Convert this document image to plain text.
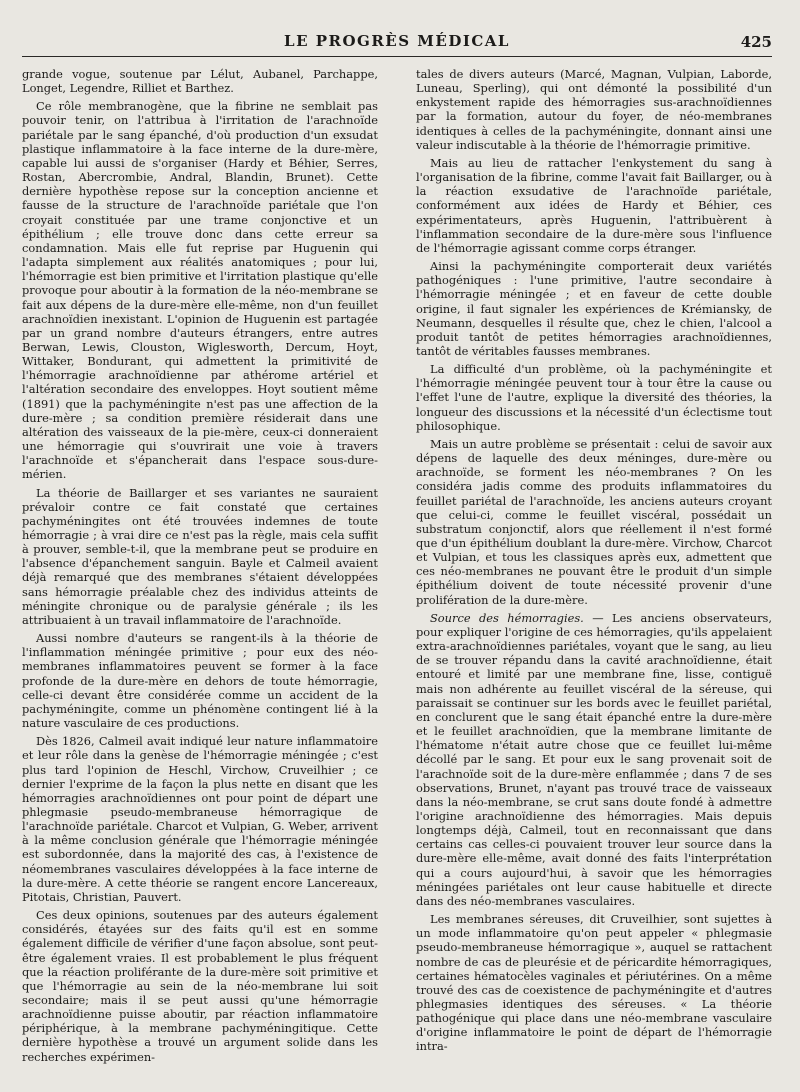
LE PROGRÈS MÉDICAL	425

grande vogue, soutenue par Lélut, Aubanel, Parchappe, Longet, Legendre, Rilliet et Barthez.

Ce rôle membranogène, que la fibrine ne semblait pas pouvoir tenir, on l'attribua à l'irritation de l'arachnoïde pariétale par le sang épanché, d'où production d'un exsudat plastique inflammatoire à la face interne de la dure-mère, capable lui aussi de s'organiser (Hardy et Béhier, Serres, Rostan, Abercrombie, Andral, Blandin, Brunet). Cette dernière hypothèse repose sur la conception ancienne et fausse de la structure de l'arachnoïde pariétale que l'on croyait constituée par une trame conjonctive et un épithélium ; elle trouve donc dans cette erreur sa condamnation. Mais elle fut reprise par Huguenin qui l'adapta simplement aux réalités anatomiques ; pour lui, l'hémorragie est bien primitive et l'irritation plastique qu'elle provoque pour aboutir à la formation de la néo-membrane se fait aux dépens de la dure-mère elle-même, non d'un feuillet arachnoïdien inexistant. L'opinion de Huguenin est partagée par un grand nombre d'auteurs étrangers, entre autres Berwan, Lewis, Clouston, Wiglesworth, Dercum, Hoyt, Wittaker, Bondurant, qui admettent la primitivité de l'hémorragie arachnoïdienne par athérome artériel et l'altération secondaire des enveloppes. Hoyt soutient même (1891) que la pachyméningite n'est pas une affection de la dure-mère ; sa condition première résiderait dans une altération des vaisseaux de la pie-mère, ceux-ci donneraient une hémorragie qui s'ouvrirait une voie à travers l'arachnoïde et s'épancherait dans l'espace sous-dure-mérien.

La théorie de Baillarger et ses variantes ne sauraient prévaloir contre ce fait constaté que certaines pachyméningites ont été trouvées indemnes de toute hémorragie ; à vrai dire ce n'est pas la règle, mais cela suffit à prouver, semble-t-il, que la membrane peut se produire en l'absence d'épanchement sanguin. Bayle et Calmeil avaient déjà remarqué que des membranes s'étaient développées sans hémorragie préalable chez des individus atteints de méningite chronique ou de paralysie générale ; ils les attribuaient à un travail inflammatoire de l'arachnoïde.

Aussi nombre d'auteurs se rangent-ils à la théorie de l'inflammation méningée primitive ; pour eux des néo-membranes inflammatoires peuvent se former à la face profonde de la dure-mère en dehors de toute hémorragie, celle-ci devant être considérée comme un accident de la pachyméningite, comme un phénomène contingent lié à la nature vasculaire de ces productions.

Dès 1826, Calmeil avait indiqué leur nature inflammatoire et leur rôle dans la genèse de l'hémorragie méningée ; c'est plus tard l'opinion de Heschl, Virchow, Cruveilhier ; ce dernier l'exprime de la façon la plus nette en disant que les hémorragies arachnoïdiennes ont pour point de départ une phlegmasie pseudo-membraneuse hémorragique de l'arachnoïde pariétale. Charcot et Vulpian, G. Weber, arrivent à la même conclusion générale que l'hémorragie méningée est subordonnée, dans la majorité des cas, à l'existence de néomembranes vasculaires développées à la face interne de la dure-mère. A cette théorie se rangent encore Lancereaux, Pitotais, Christian, Pauvert.

Ces deux opinions, soutenues par des auteurs également considérés, étayées sur des faits qu'il est en somme également difficile de vérifier d'une façon absolue, sont peut-être également vraies. Il est probablement le plus fréquent que la réaction proliférante de la dure-mère soit primitive et que l'hémorragie au sein de la néo-membrane lui soit secondaire; mais il se peut aussi qu'une hémorragie arachnoïdienne puisse aboutir, par réaction inflammatoire périphérique, à la membrane pachyméningitique. Cette dernière hypothèse a trouvé un argument solide dans les recherches expérimen-

tales de divers auteurs (Marcé, Magnan, Vulpian, Laborde, Luneau, Sperling), qui ont démonté la possibilité d'un enkystement rapide des hémorragies sus-arachnoïdiennes par la formation, autour du foyer, de néo-membranes identiques à celles de la pachyméningite, donnant ainsi une valeur indiscutable à la théorie de l'hémorragie primitive.

Mais au lieu de rattacher l'enkystement du sang à l'organisation de la fibrine, comme l'avait fait Baillarger, ou à la réaction exsudative de l'arachnoïde pariétale, conformément aux idées de Hardy et Béhier, ces expérimentateurs, après Huguenin, l'attribuèrent à l'inflammation secondaire de la dure-mère sous l'influence de l'hémorragie agissant comme corps étranger.

Ainsi la pachyméningite comporterait deux variétés pathogéniques : l'une primitive, l'autre secondaire à l'hémorragie méningée ; et en faveur de cette double origine, il faut signaler les expériences de Krémiansky, de Neumann, desquelles il résulte que, chez le chien, l'alcool a produit tantôt de petites hémorragies arachnoïdiennes, tantôt de véritables fausses membranes.

La difficulté d'un problème, où la pachyméningite et l'hémorragie méningée peuvent tour à tour être la cause ou l'effet l'une de l'autre, explique la diversité des théories, la longueur des discussions et la nécessité d'un éclectisme tout philosophique.

Mais un autre problème se présentait : celui de savoir aux dépens de laquelle des deux méninges, dure-mère ou arachnoïde, se forment les néo-membranes ? On les considéra jadis comme des produits inflammatoires du feuillet pariétal de l'arachnoïde, les anciens auteurs croyant que celui-ci, comme le feuillet viscéral, possédait un substratum conjonctif, alors que réellement il n'est formé que d'un épithélium doublant la dure-mère. Virchow, Charcot et Vulpian, et tous les classiques après eux, admettent que ces néo-membranes ne pouvant être le produit d'un simple épithélium doivent de toute nécessité provenir d'une prolifération de la dure-mère.

Source des hémorragies. — Les anciens observateurs, pour expliquer l'origine de ces hémorragies, qu'ils appelaient extra-arachnoïdiennes pariétales, voyant que le sang, au lieu de se trouver répandu dans la cavité arachnoïdienne, était entouré et limité par une membrane fine, lisse, contiguë mais non adhérente au feuillet viscéral de la séreuse, qui paraissait se continuer sur les bords avec le feuillet pariétal, en conclurent que le sang était épanché entre la dure-mère et le feuillet arachnoïdien, que la membrane limitante de l'hématome n'était autre chose que ce feuillet lui-même décollé par le sang. Et pour eux le sang provenait soit de l'arachnoïde soit de la dure-mère enflammée ; dans 7 de ses observations, Brunet, n'ayant pas trouvé trace de vaisseaux dans la néo-membrane, se crut sans doute fondé à admettre l'origine arachnoïdienne des hémorragies. Mais depuis longtemps déjà, Calmeil, tout en reconnaissant que dans certains cas celles-ci pouvaient trouver leur source dans la dure-mère elle-même, avait donné des faits l'interprétation qui a cours aujourd'hui, à savoir que les hémorragies méningées pariétales ont leur cause habituelle et directe dans des néo-membranes vasculaires.

Les membranes séreuses, dit Cruveilhier, sont sujettes à un mode inflammatoire qu'on peut appeler « phlegmasie pseudo-membraneuse hémorragique », auquel se rattachent nombre de cas de pleurésie et de péricardite hémorragiques, certaines hématocèles vaginales et périutérines. On a même trouvé des cas de coexistence de pachyméningite et d'autres phlegmasies identiques des séreuses. « La théorie pathogénique qui place dans une néo-membrane vasculaire d'origine inflammatoire le point de départ de l'hémorragie intra-
